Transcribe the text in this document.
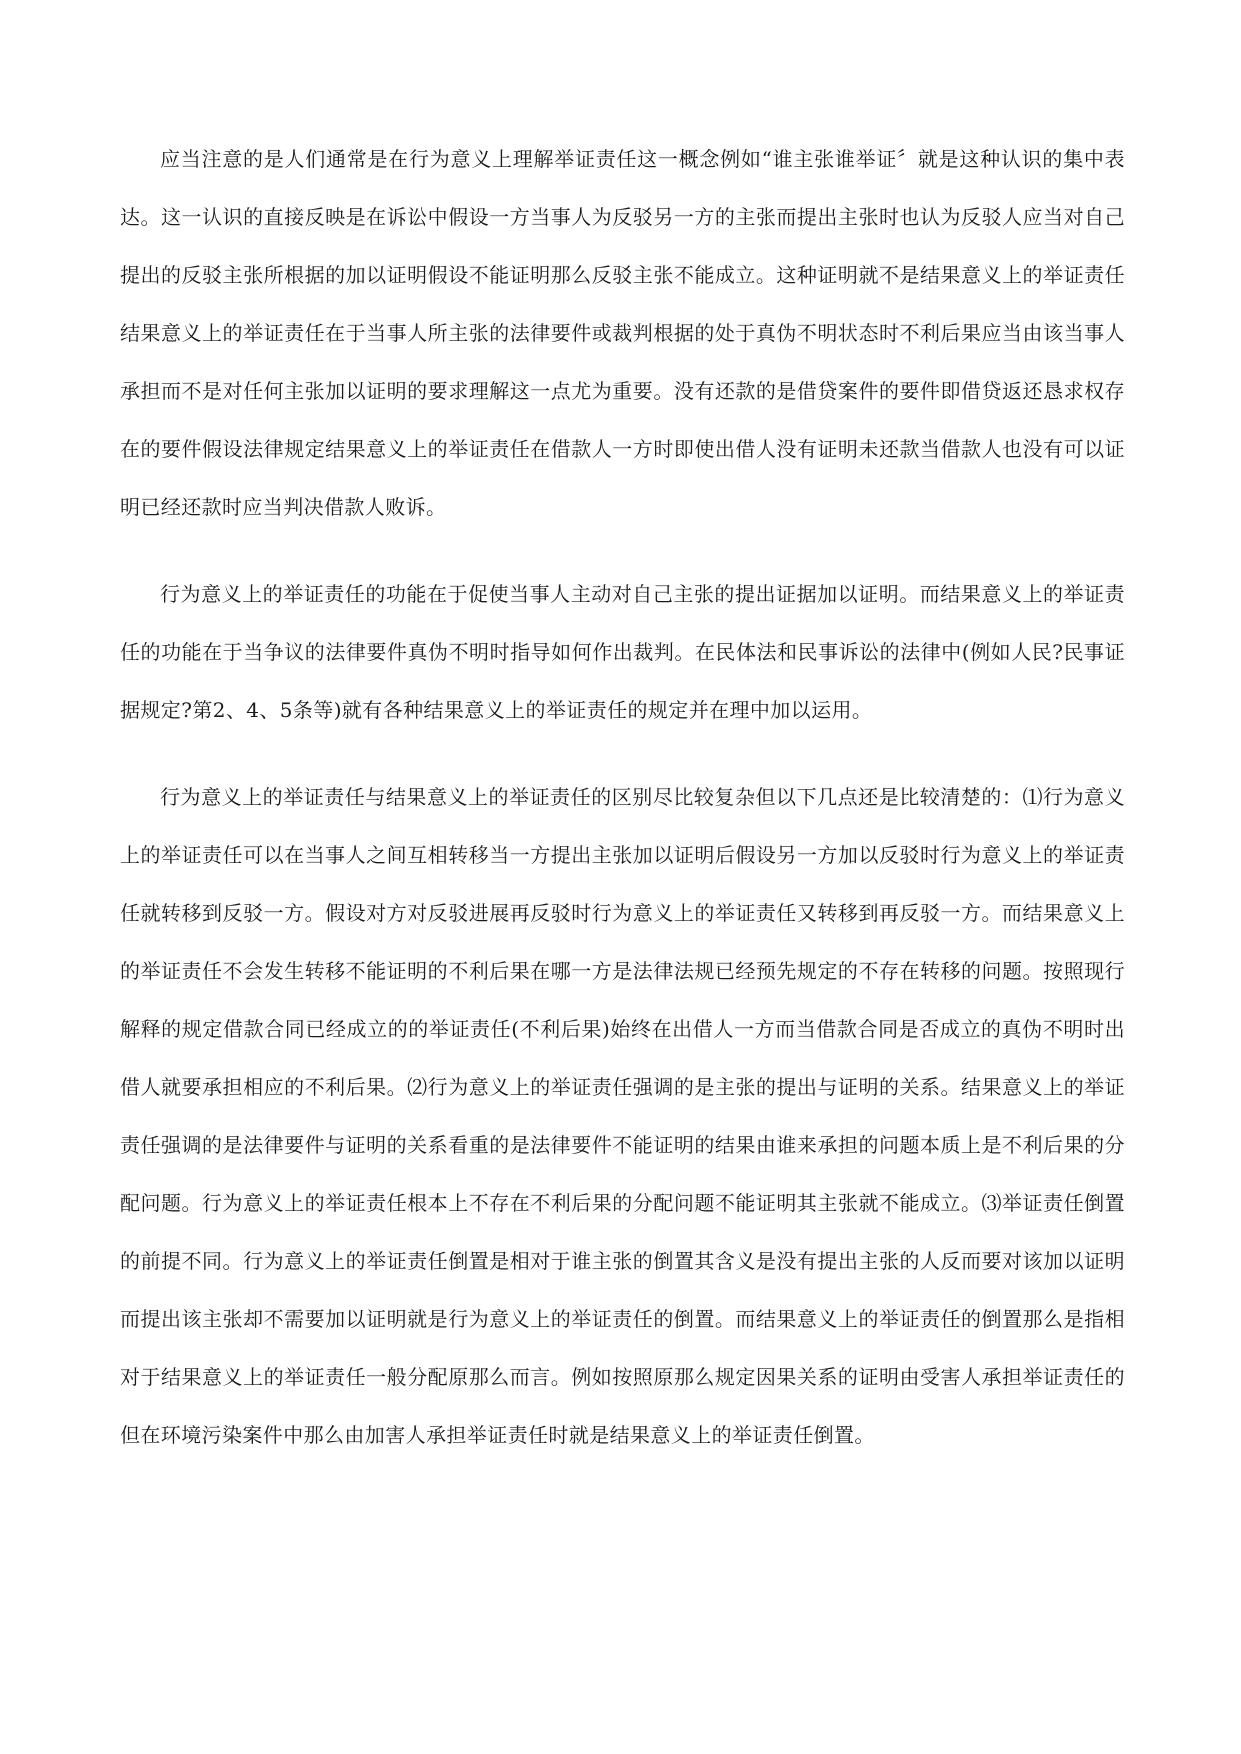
应当注意的是人们通常是在行为意义上理解举证责任这一概念例如“谁主张谁举证〞就是这种认识的集中表达。这一认识的直接反映是在诉讼中假设一方当事人为反驳另一方的主张而提出主张时也认为反驳人应当对自己提出的反驳主张所根据的加以证明假设不能证明那么反驳主张不能成立。这种证明就不是结果意义上的举证责任结果意义上的举证责任在于当事人所主张的法律要件或裁判根据的处于真伪不明状态时不利后果应当由该当事人承担而不是对任何主张加以证明的要求理解这一点尤为重要。没有还款的是借贷案件的要件即借贷返还恳求权存在的要件假设法律规定结果意义上的举证责任在借款人一方时即使出借人没有证明未还款当借款人也没有可以证明已经还款时应当判决借款人败诉。

行为意义上的举证责任的功能在于促使当事人主动对自己主张的提出证据加以证明。而结果意义上的举证责任的功能在于当争议的法律要件真伪不明时指导如何作出裁判。在民体法和民事诉讼的法律中(例如人民?民事证据规定?第2、4、5条等)就有各种结果意义上的举证责任的规定并在理中加以运用。

行为意义上的举证责任与结果意义上的举证责任的区别尽比较复杂但以下几点还是比较清楚的：⑴行为意义上的举证责任可以在当事人之间互相转移当一方提出主张加以证明后假设另一方加以反驳时行为意义上的举证责任就转移到反驳一方。假设对方对反驳进展再反驳时行为意义上的举证责任又转移到再反驳一方。而结果意义上的举证责任不会发生转移不能证明的不利后果在哪一方是法律法规已经预先规定的不存在转移的问题。按照现行解释的规定借款合同已经成立的的举证责任(不利后果)始终在出借人一方而当借款合同是否成立的真伪不明时出借人就要承担相应的不利后果。⑵行为意义上的举证责任强调的是主张的提出与证明的关系。结果意义上的举证责任强调的是法律要件与证明的关系看重的是法律要件不能证明的结果由谁来承担的问题本质上是不利后果的分配问题。行为意义上的举证责任根本上不存在不利后果的分配问题不能证明其主张就不能成立。⑶举证责任倒置的前提不同。行为意义上的举证责任倒置是相对于谁主张的倒置其含义是没有提出主张的人反而要对该加以证明而提出该主张却不需要加以证明就是行为意义上的举证责任的倒置。而结果意义上的举证责任的倒置那么是指相对于结果意义上的举证责任一般分配原那么而言。例如按照原那么规定因果关系的证明由受害人承担举证责任的但在环境污染案件中那么由加害人承担举证责任时就是结果意义上的举证责任倒置。
